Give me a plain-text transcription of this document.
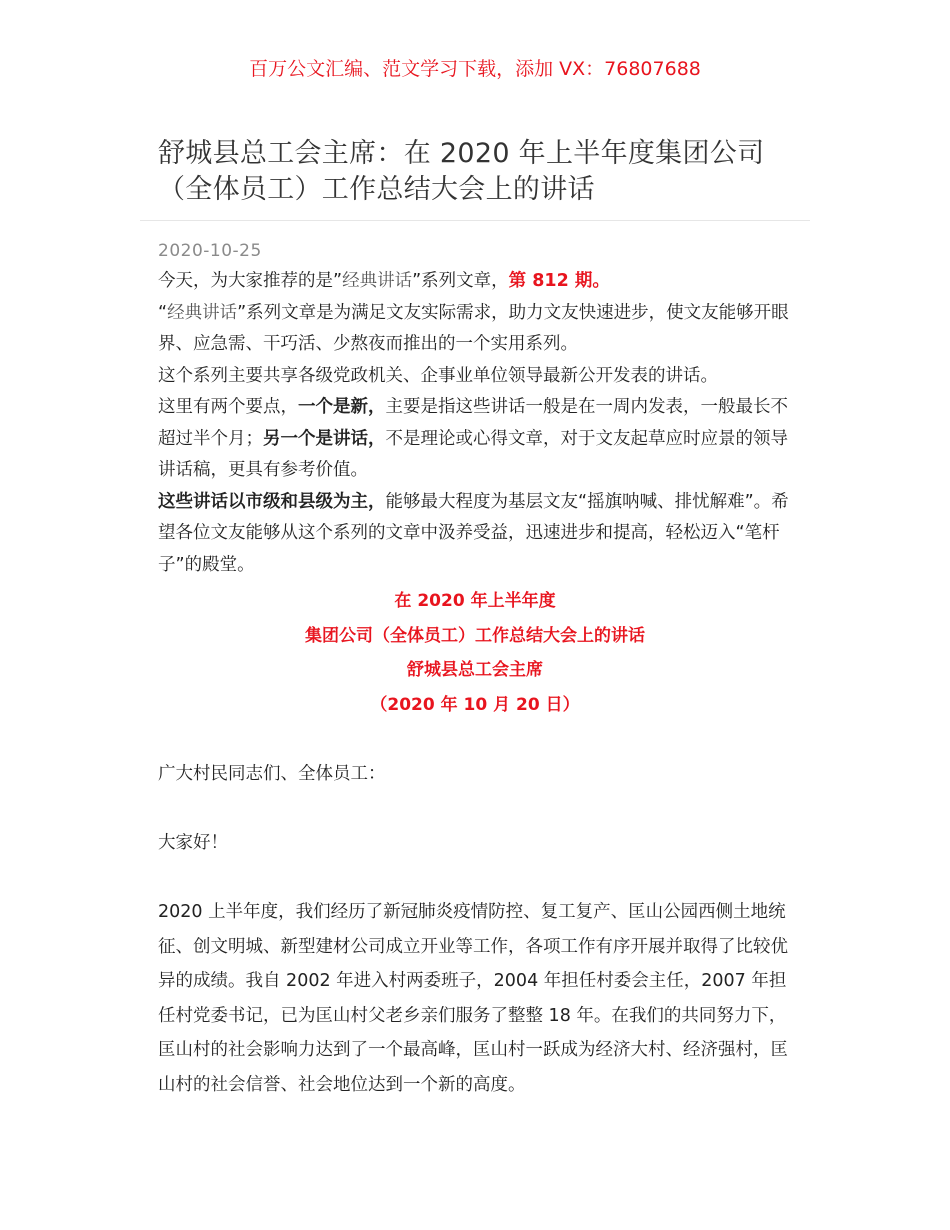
百万公文汇编、范文学习下载，添加 VX：76807688
舒城县总工会主席：在 2020 年上半年度集团公司（全体员工）工作总结大会上的讲话
2020-10-25

今天，为大家推荐的是”经典讲话”系列文章，第 812 期。

“经典讲话”系列文章是为满足文友实际需求，助力文友快速进步，使文友能够开眼界、应急需、干巧活、少熬夜而推出的一个实用系列。

这个系列主要共享各级党政机关、企事业单位领导最新公开发表的讲话。

这里有两个要点，一个是新，主要是指这些讲话一般是在一周内发表，一般最长不超过半个月；另一个是讲话，不是理论或心得文章，对于文友起草应时应景的领导讲话稿，更具有参考价值。

这些讲话以市级和县级为主，能够最大程度为基层文友“摇旗呐喊、排忧解难”。希望各位文友能够从这个系列的文章中汲养受益，迅速进步和提高，轻松迈入“笔杆子”的殿堂。

在 2020 年上半年度
集团公司（全体员工）工作总结大会上的讲话
舒城县总工会主席
（2020 年 10 月 20 日）

广大村民同志们、全体员工：

大家好！

2020 上半年度，我们经历了新冠肺炎疫情防控、复工复产、匡山公园西侧土地统征、创文明城、新型建材公司成立开业等工作，各项工作有序开展并取得了比较优异的成绩。我自 2002 年进入村两委班子，2004 年担任村委会主任，2007 年担任村党委书记，已为匡山村父老乡亲们服务了整整 18 年。在我们的共同努力下，匡山村的社会影响力达到了一个最高峰，匡山村一跃成为经济大村、经济强村，匡山村的社会信誉、社会地位达到一个新的高度。
